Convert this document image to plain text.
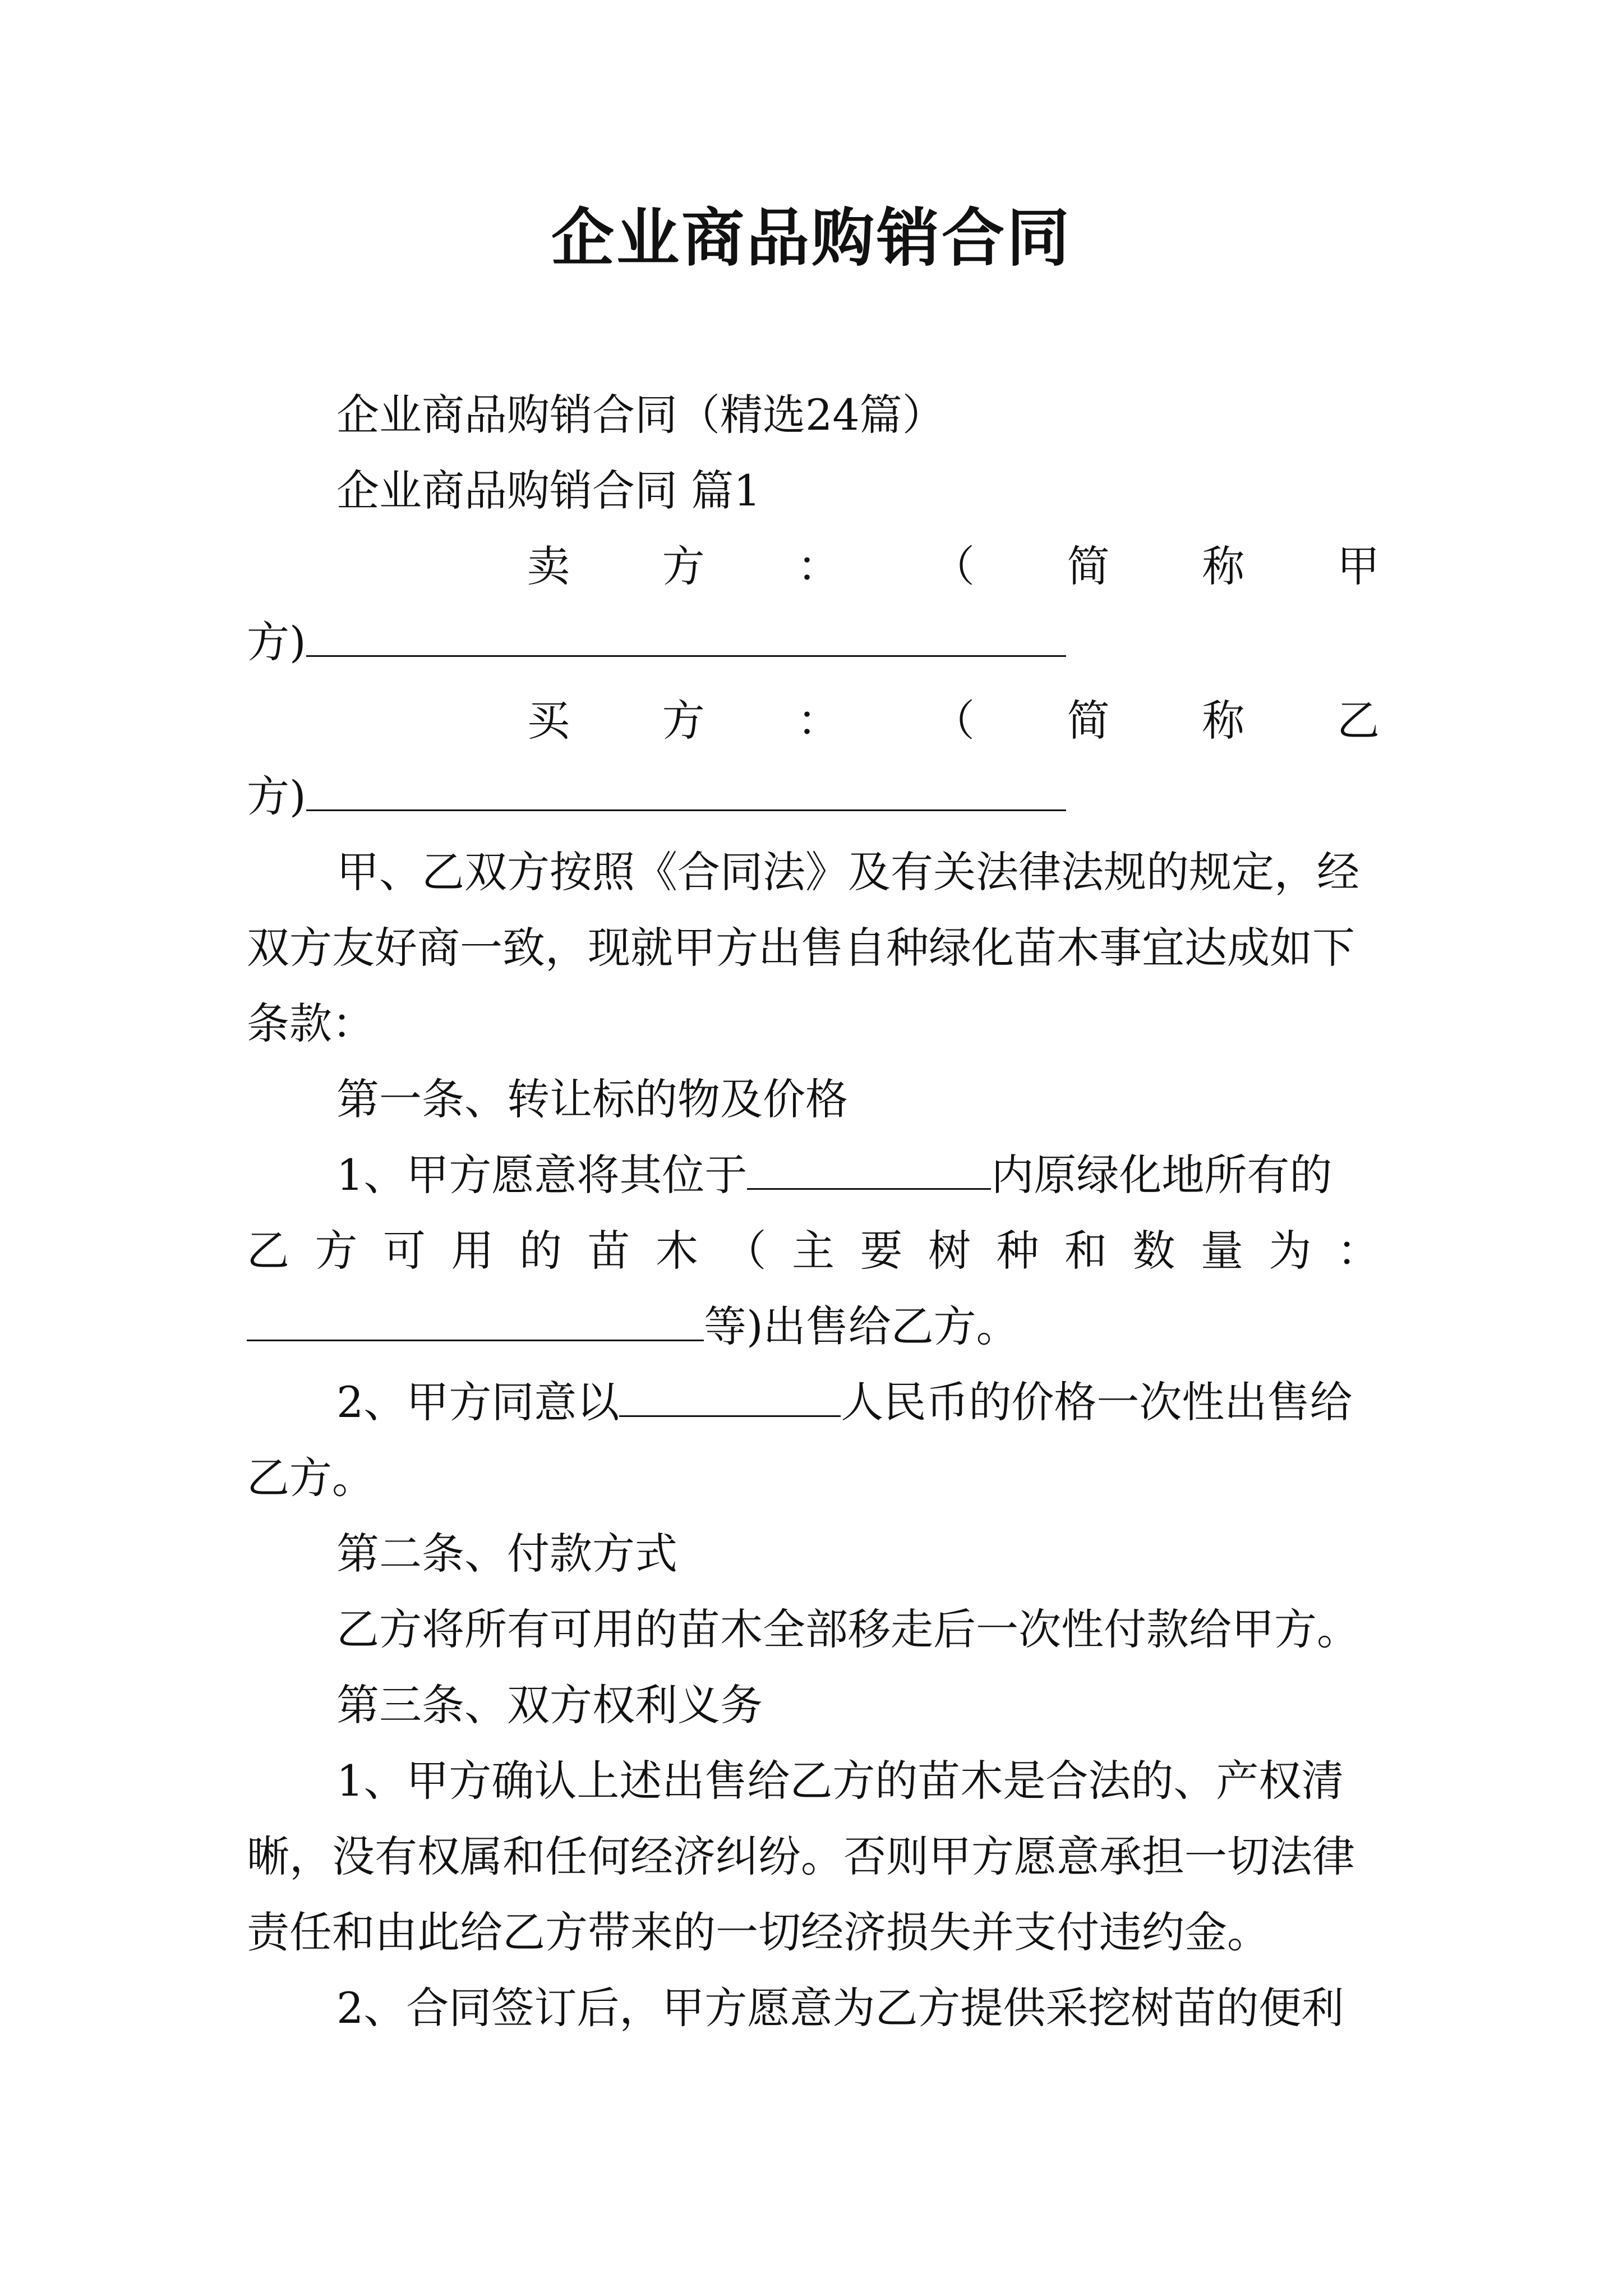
企业商品购销合同
企业商品购销合同（精选24篇）
企业商品购销合同 篇1
卖 方 ： （ 简 称 甲
方)
买 方 ： （ 简 称 乙
方)
甲、乙双方按照《合同法》及有关法律法规的规定，经
双方友好商一致，现就甲方出售自种绿化苗木事宜达成如下
条款：
第一条、转让标的物及价格
1、甲方愿意将其位于	内原绿化地所有的
乙 方 可 用 的 苗 木 （ 主 要 树 种 和 数 量 为 ：
等)出售给乙方。
2、甲方同意以	人民币的价格一次性出售给
乙方。
第二条、付款方式
乙方将所有可用的苗木全部移走后一次性付款给甲方。
第三条、双方权利义务
1、甲方确认上述出售给乙方的苗木是合法的、产权清
晰，没有权属和任何经济纠纷。否则甲方愿意承担一切法律
责任和由此给乙方带来的一切经济损失并支付违约金。
2、合同签订后，甲方愿意为乙方提供采挖树苗的便利
